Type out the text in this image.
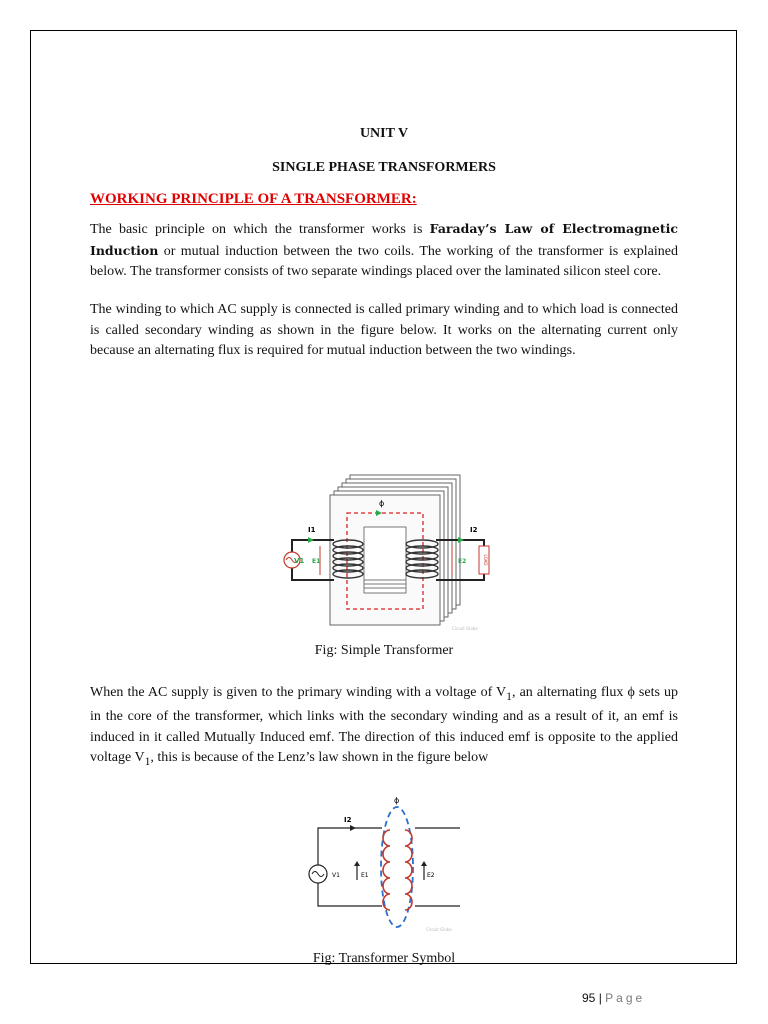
UNIT V
SINGLE PHASE TRANSFORMERS
WORKING PRINCIPLE OF A TRANSFORMER:

The basic principle on which the transformer works is Faraday’s Law of Electromagnetic Induction or mutual induction between the two coils. The working of the transformer is explained below. The transformer consists of two separate windings placed over the laminated silicon steel core.

The winding to which AC supply is connected is called primary winding and to which load is connected is called secondary winding as shown in the figure below. It works on the alternating current only because an alternating flux is required for mutual induction between the two windings.

ϕ
I1
V1 E1
I2
E2	LOAD
Circuit Globe
Fig: Simple Transformer

When the AC supply is given to the primary winding with a voltage of $V_1$, an alternating flux ϕ sets up in the core of the transformer, which links with the secondary winding and as a result of it, an emf is induced in it called Mutually Induced emf. The direction of this induced emf is opposite to the applied voltage $V_1$, this is because of the Lenz’s law shown in the figure below

ϕ
I2
V1	E1	E2
Circuit Globe
Fig: Transformer Symbol
95 | Page
